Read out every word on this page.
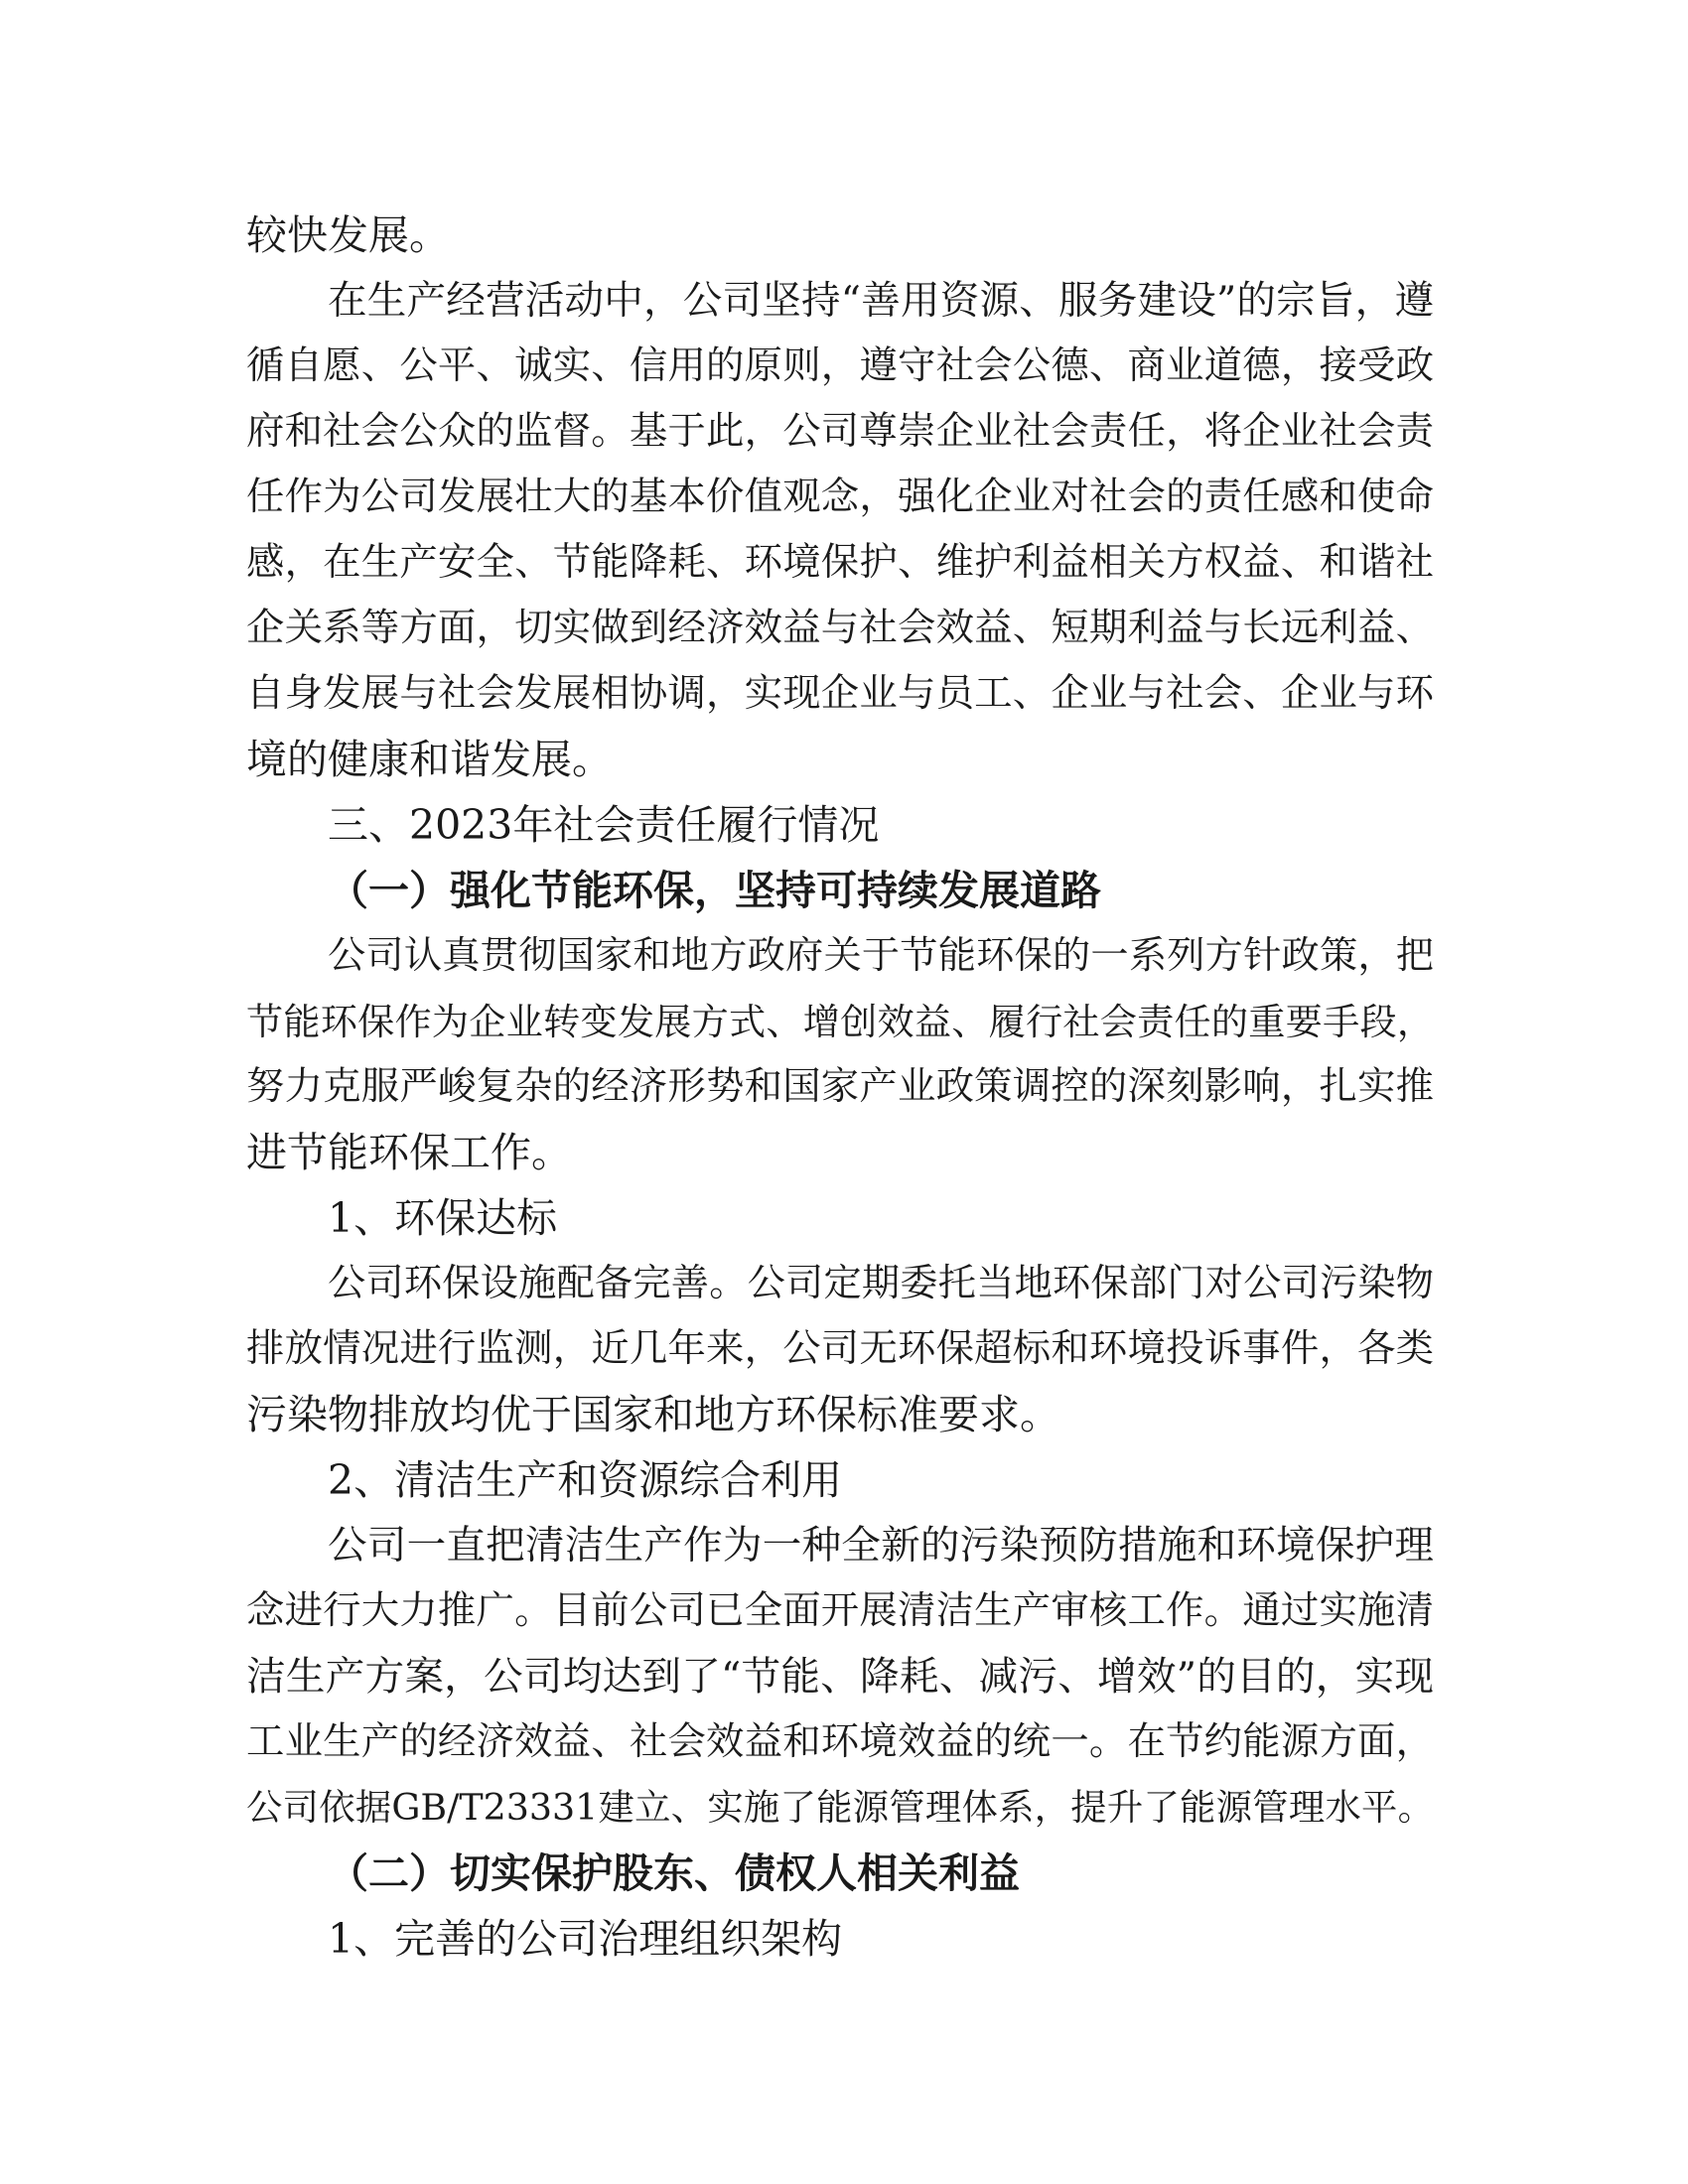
较快发展。
在生产经营活动中，公司坚持“善用资源、服务建设”的宗旨，遵
循自愿、公平、诚实、信用的原则，遵守社会公德、商业道德，接受政
府和社会公众的监督。基于此，公司尊崇企业社会责任，将企业社会责
任作为公司发展壮大的基本价值观念，强化企业对社会的责任感和使命
感，在生产安全、节能降耗、环境保护、维护利益相关方权益、和谐社
企关系等方面，切实做到经济效益与社会效益、短期利益与长远利益、
自身发展与社会发展相协调，实现企业与员工、企业与社会、企业与环
境的健康和谐发展。
三、2023年社会责任履行情况
（一）强化节能环保，坚持可持续发展道路
公司认真贯彻国家和地方政府关于节能环保的一系列方针政策，把
节能环保作为企业转变发展方式、增创效益、履行社会责任的重要手段，
努力克服严峻复杂的经济形势和国家产业政策调控的深刻影响，扎实推
进节能环保工作。
1、环保达标
公司环保设施配备完善。公司定期委托当地环保部门对公司污染物
排放情况进行监测，近几年来，公司无环保超标和环境投诉事件，各类
污染物排放均优于国家和地方环保标准要求。
2、清洁生产和资源综合利用
公司一直把清洁生产作为一种全新的污染预防措施和环境保护理
念进行大力推广。目前公司已全面开展清洁生产审核工作。通过实施清
洁生产方案，公司均达到了“节能、降耗、减污、增效”的目的，实现
工业生产的经济效益、社会效益和环境效益的统一。在节约能源方面，
公司依据GB/T23331建立、实施了能源管理体系，提升了能源管理水平。
（二）切实保护股东、债权人相关利益
1、完善的公司治理组织架构
